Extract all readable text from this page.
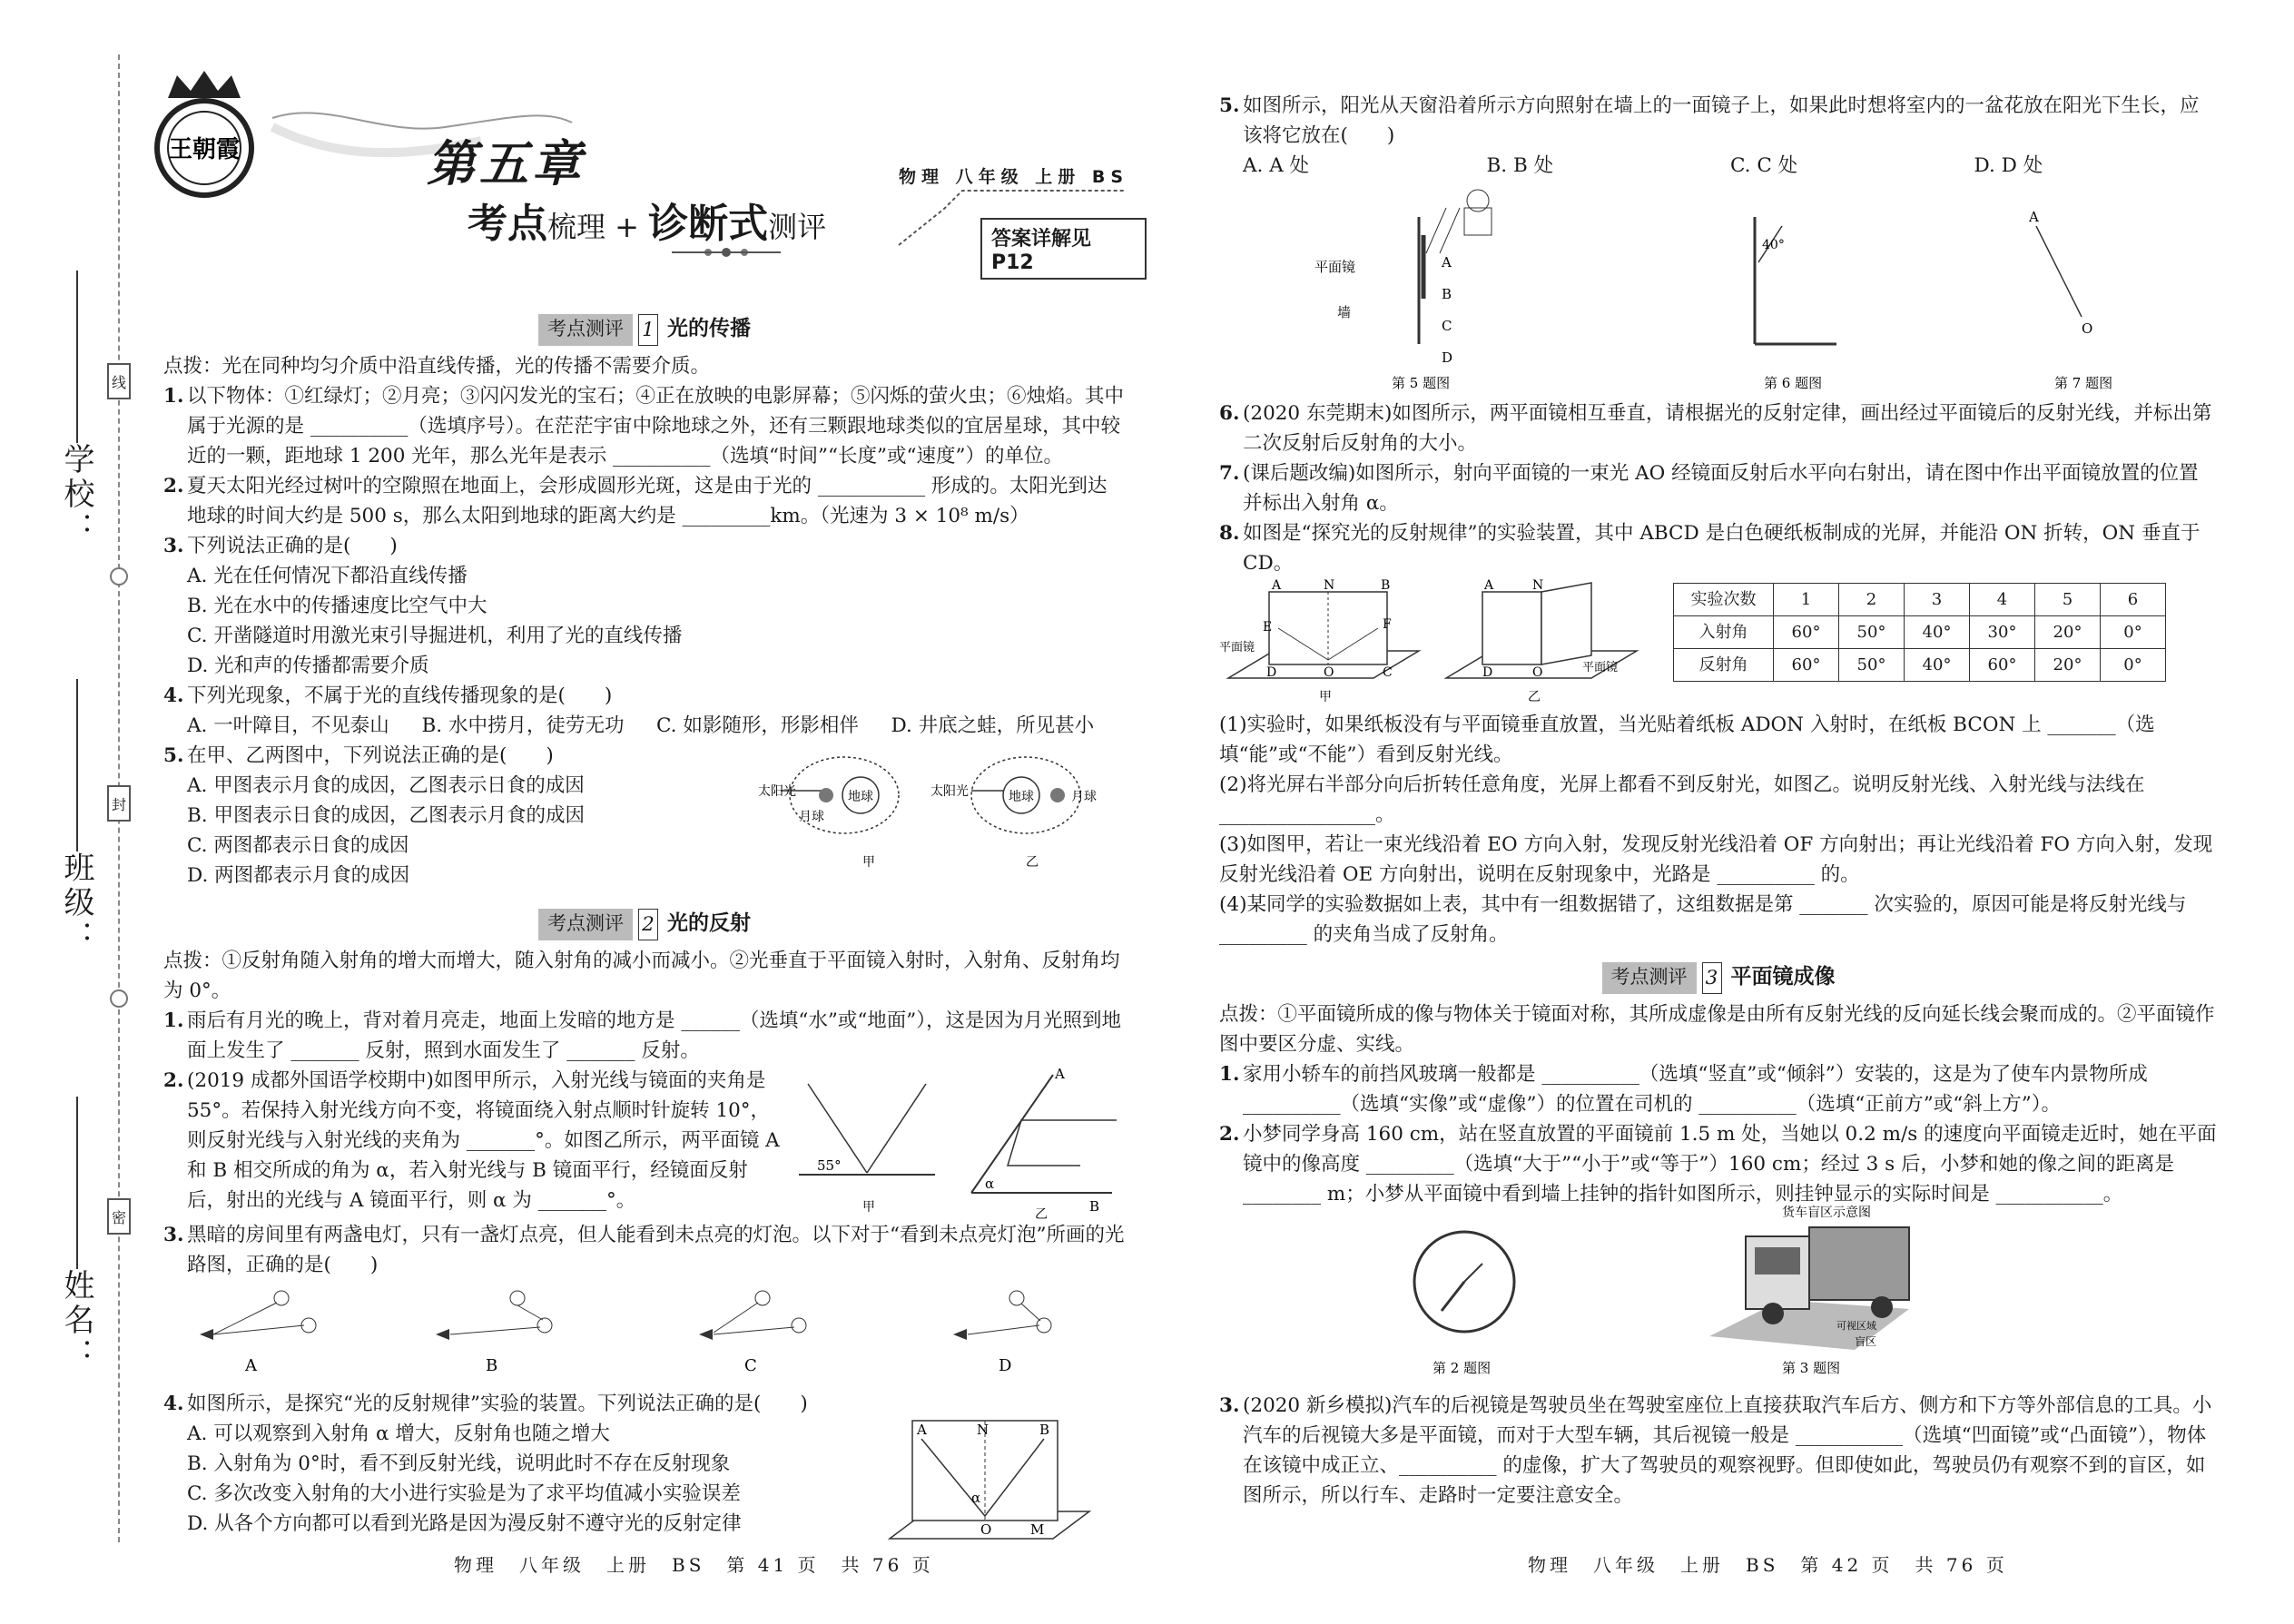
学校：
班级：
姓名：
线
封
密
王朝霞	第五章
考点梳理 + 诊断式测评
物理 八年级 上册 BS
答案详解见 P12
考点测评 1 光的传播
点拨：光在同种均匀介质中沿直线传播，光的传播不需要介质。
1. 以下物体：①红绿灯；②月亮；③闪闪发光的宝石；④正在放映的电影屏幕；⑤闪烁的萤火虫；⑥烛焰。其中属于光源的是 __________（选填序号）。在茫茫宇宙中除地球之外，还有三颗跟地球类似的宜居星球，其中较近的一颗，距地球 1 200 光年，那么光年是表示 __________（选填“时间”“长度”或“速度”）的单位。
2. 夏天太阳光经过树叶的空隙照在地面上，会形成圆形光斑，这是由于光的 ___________ 形成的。太阳光到达地球的时间大约是 500 s，那么太阳到地球的距离大约是 _________km。（光速为 3 × 10⁸ m/s）
3. 下列说法正确的是(　　)
A. 光在任何情况下都沿直线传播
B. 光在水中的传播速度比空气中大
C. 开凿隧道时用激光束引导掘进机，利用了光的直线传播
D. 光和声的传播都需要介质
4. 下列光现象，不属于光的直线传播现象的是(　　)
A. 一叶障目，不见泰山	B. 水中捞月，徒劳无功	C. 如影随形，形影相伴	D. 井底之蛙，所见甚小
5. 在甲、乙两图中，下列说法正确的是(　　)
A. 甲图表示月食的成因，乙图表示日食的成因
B. 甲图表示日食的成因，乙图表示月食的成因
C. 两图都表示日食的成因
D. 两图都表示月食的成因
地球
太阳光
月球
甲
地球
太阳光	月球
乙
考点测评 2 光的反射
点拨：①反射角随入射角的增大而增大，随入射角的减小而减小。②光垂直于平面镜入射时，入射角、反射角均为 0°。
1. 雨后有月光的晚上，背对着月亮走，地面上发暗的地方是 ______（选填“水”或“地面”），这是因为月光照到地面上发生了 _______ 反射，照到水面发生了 _______ 反射。
2. (2019 成都外国语学校期中)如图甲所示，入射光线与镜面的夹角是 55°。若保持入射光线方向不变，将镜面绕入射点顺时针旋转 10°，则反射光线与入射光线的夹角为 _______°。如图乙所示，两平面镜 A 和 B 相交所成的角为 α，若入射光线与 B 镜面平行，经镜面反射后，射出的光线与 A 镜面平行，则 α 为 _______°。
55°
甲
A
B
α
乙
3. 黑暗的房间里有两盏电灯，只有一盏灯点亮，但人能看到未点亮的灯泡。以下对于“看到未点亮灯泡”所画的光路图，正确的是(　　)
A	B	C	D
4. 如图所示，是探究“光的反射规律”实验的装置。下列说法正确的是(　　)
A. 可以观察到入射角 α 增大，反射角也随之增大
B. 入射角为 0°时，看不到反射光线，说明此时不存在反射现象
C. 多次改变入射角的大小进行实验是为了求平均值减小实验误差
D. 从各个方向都可以看到光路是因为漫反射不遵守光的反射定律
A	N	B
α
O	M
物理　八年级　上册　BS　第 41 页　共 76 页
5. 如图所示，阳光从天窗沿着所示方向照射在墙上的一面镜子上，如果此时想将室内的一盆花放在阳光下生长，应该将它放在(　　)
A. A 处	B. B 处	C. C 处	D. D 处
平面镜
墙
A
B
C
D
第 5 题图
40°
第 6 题图
A
O
第 7 题图
6. (2020 东莞期末)如图所示，两平面镜相互垂直，请根据光的反射定律，画出经过平面镜后的反射光线，并标出第二次反射后反射角的大小。
7. (课后题改编)如图所示，射向平面镜的一束光 AO 经镜面反射后水平向右射出，请在图中作出平面镜放置的位置并标出入射角 α。
8. 如图是“探究光的反射规律”的实验装置，其中 ABCD 是白色硬纸板制成的光屏，并能沿 ON 折转，ON 垂直于 CD。
A	N	B
E	F
D	O	C
平面镜
甲
A	N
D	O	平面镜
乙
实验次数	1	2	3	4	5	6
入射角	60°	50°	40°	30°	20°	0°
反射角	60°	50°	40°	60°	20°	0°
(1)实验时，如果纸板没有与平面镜垂直放置，当光贴着纸板 ADON 入射时，在纸板 BCON 上 _______（选填“能”或“不能”）看到反射光线。
(2)将光屏右半部分向后折转任意角度，光屏上都看不到反射光，如图乙。说明反射光线、入射光线与法线在 ________________。
(3)如图甲，若让一束光线沿着 EO 方向入射，发现反射光线沿着 OF 方向射出；再让光线沿着 FO 方向入射，发现反射光线沿着 OE 方向射出，说明在反射现象中，光路是 __________ 的。
(4)某同学的实验数据如上表，其中有一组数据错了，这组数据是第 _______ 次实验的，原因可能是将反射光线与 _________ 的夹角当成了反射角。
考点测评 3 平面镜成像
点拨：①平面镜所成的像与物体关于镜面对称，其所成虚像是由所有反射光线的反向延长线会聚而成的。②平面镜作图中要区分虚、实线。
1. 家用小轿车的前挡风玻璃一般都是 __________（选填“竖直”或“倾斜”）安装的，这是为了使车内景物所成 __________（选填“实像”或“虚像”）的位置在司机的 __________（选填“正前方”或“斜上方”）。
2. 小梦同学身高 160 cm，站在竖直放置的平面镜前 1.5 m 处，当她以 0.2 m/s 的速度向平面镜走近时，她在平面镜中的像高度 _________（选填“大于”“小于”或“等于”）160 cm；经过 3 s 后，小梦和她的像之间的距离是 ________ m；小梦从平面镜中看到墙上挂钟的指针如图所示，则挂钟显示的实际时间是 ___________。
第 2 题图
货车盲区示意图
可视区域
盲区
第 3 题图
3. (2020 新乡模拟)汽车的后视镜是驾驶员坐在驾驶室座位上直接获取汽车后方、侧方和下方等外部信息的工具。小汽车的后视镜大多是平面镜，而对于大型车辆，其后视镜一般是 ___________（选填“凹面镜”或“凸面镜”），物体在该镜中成正立、__________ 的虚像，扩大了驾驶员的观察视野。但即使如此，驾驶员仍有观察不到的盲区，如图所示，所以行车、走路时一定要注意安全。
物理　八年级　上册　BS　第 42 页　共 76 页
